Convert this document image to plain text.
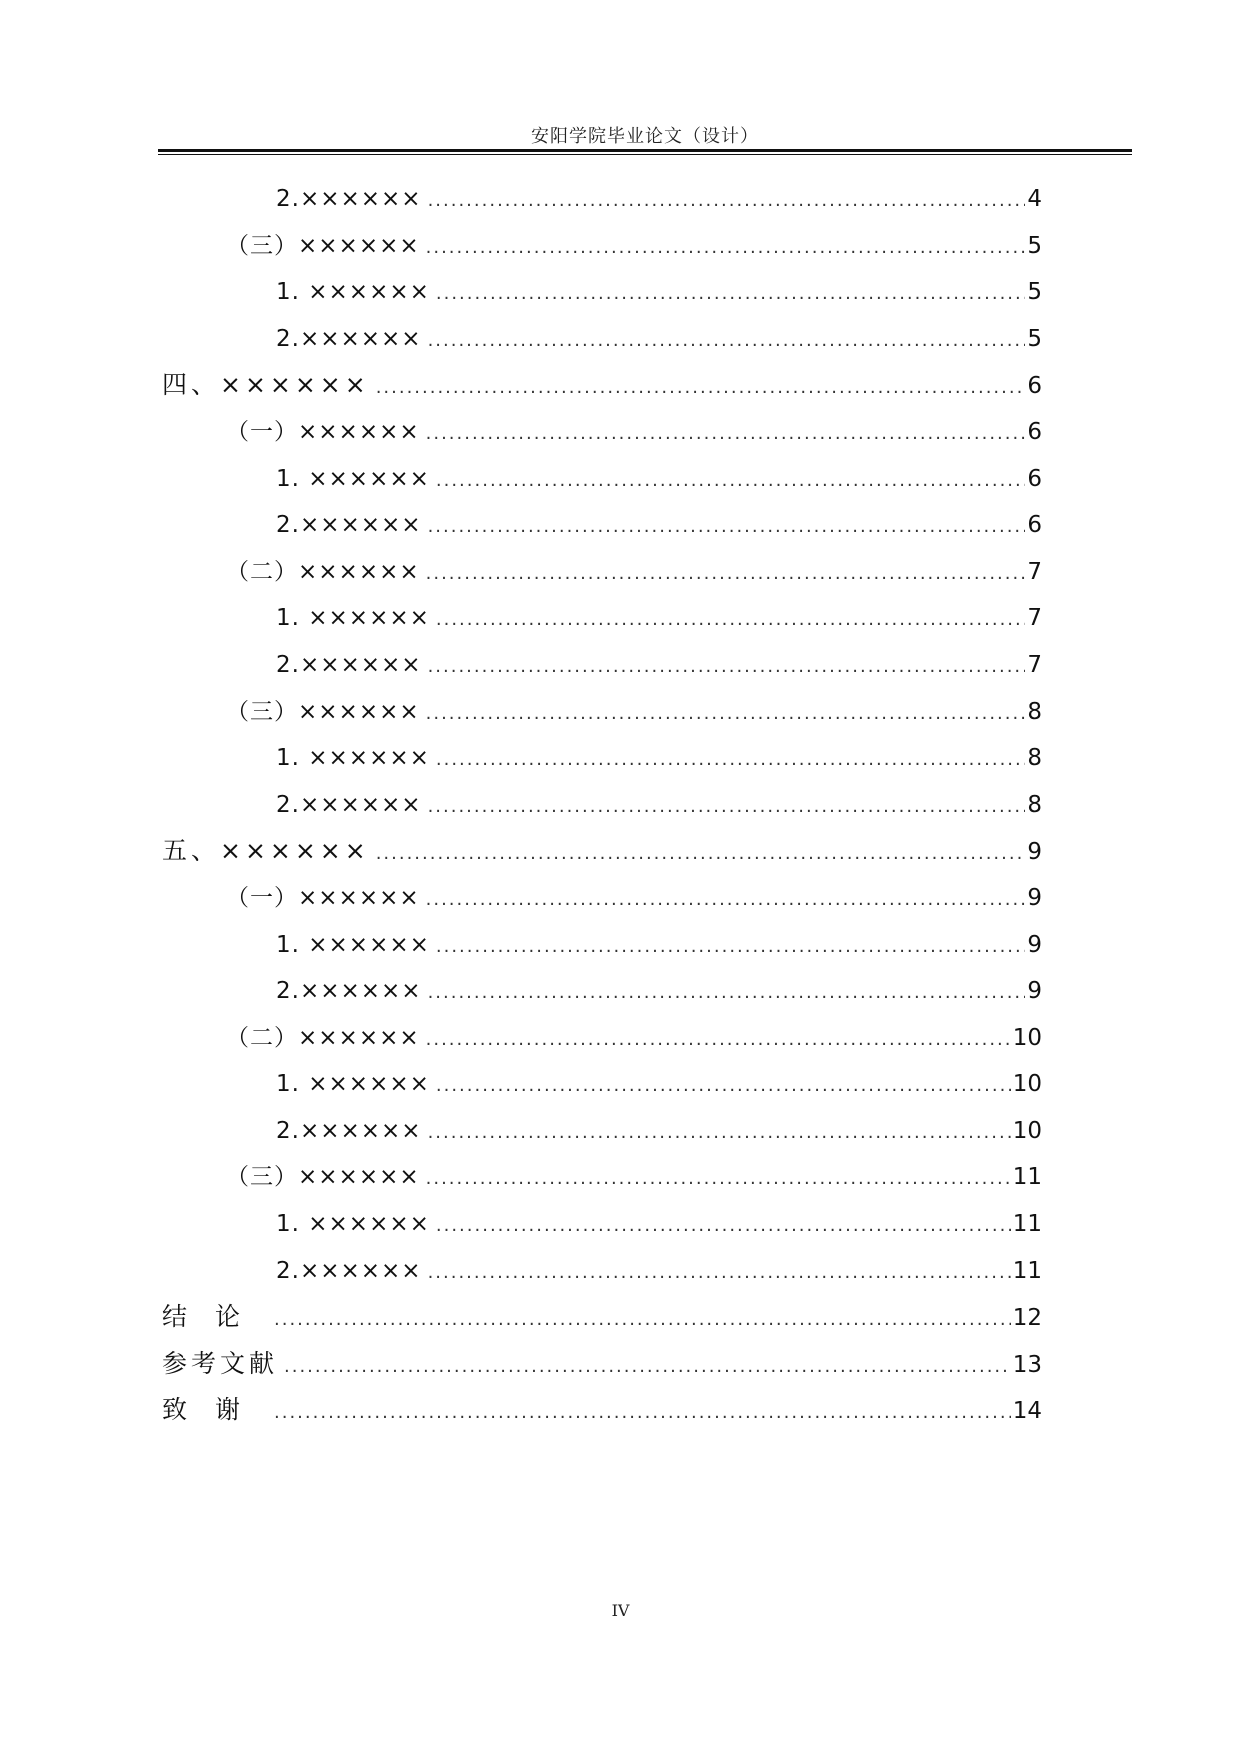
安阳学院毕业论文（设计）
2.×××××× .....	4
（三）×××××× .....	5
1. ×××××× .....	5
2.×××××× .....	5
四、×××××× .....	6
（一）×××××× .....	6
1. ×××××× .....	6
2.×××××× .....	6
（二）×××××× .....	7
1. ×××××× .....	7
2.×××××× .....	7
（三）×××××× .....	8
1. ×××××× .....	8
2.×××××× .....	8
五、×××××× .....	9
（一）×××××× .....	9
1. ×××××× .....	9
2.×××××× .....	9
（二）×××××× .....	10
1. ×××××× .....	10
2.×××××× .....	10
（三）×××××× .....	11
1. ×××××× .....	11
2.×××××× .....	11
结论 .....	12
参考文献 .....	13
致谢 .....	14
IV
